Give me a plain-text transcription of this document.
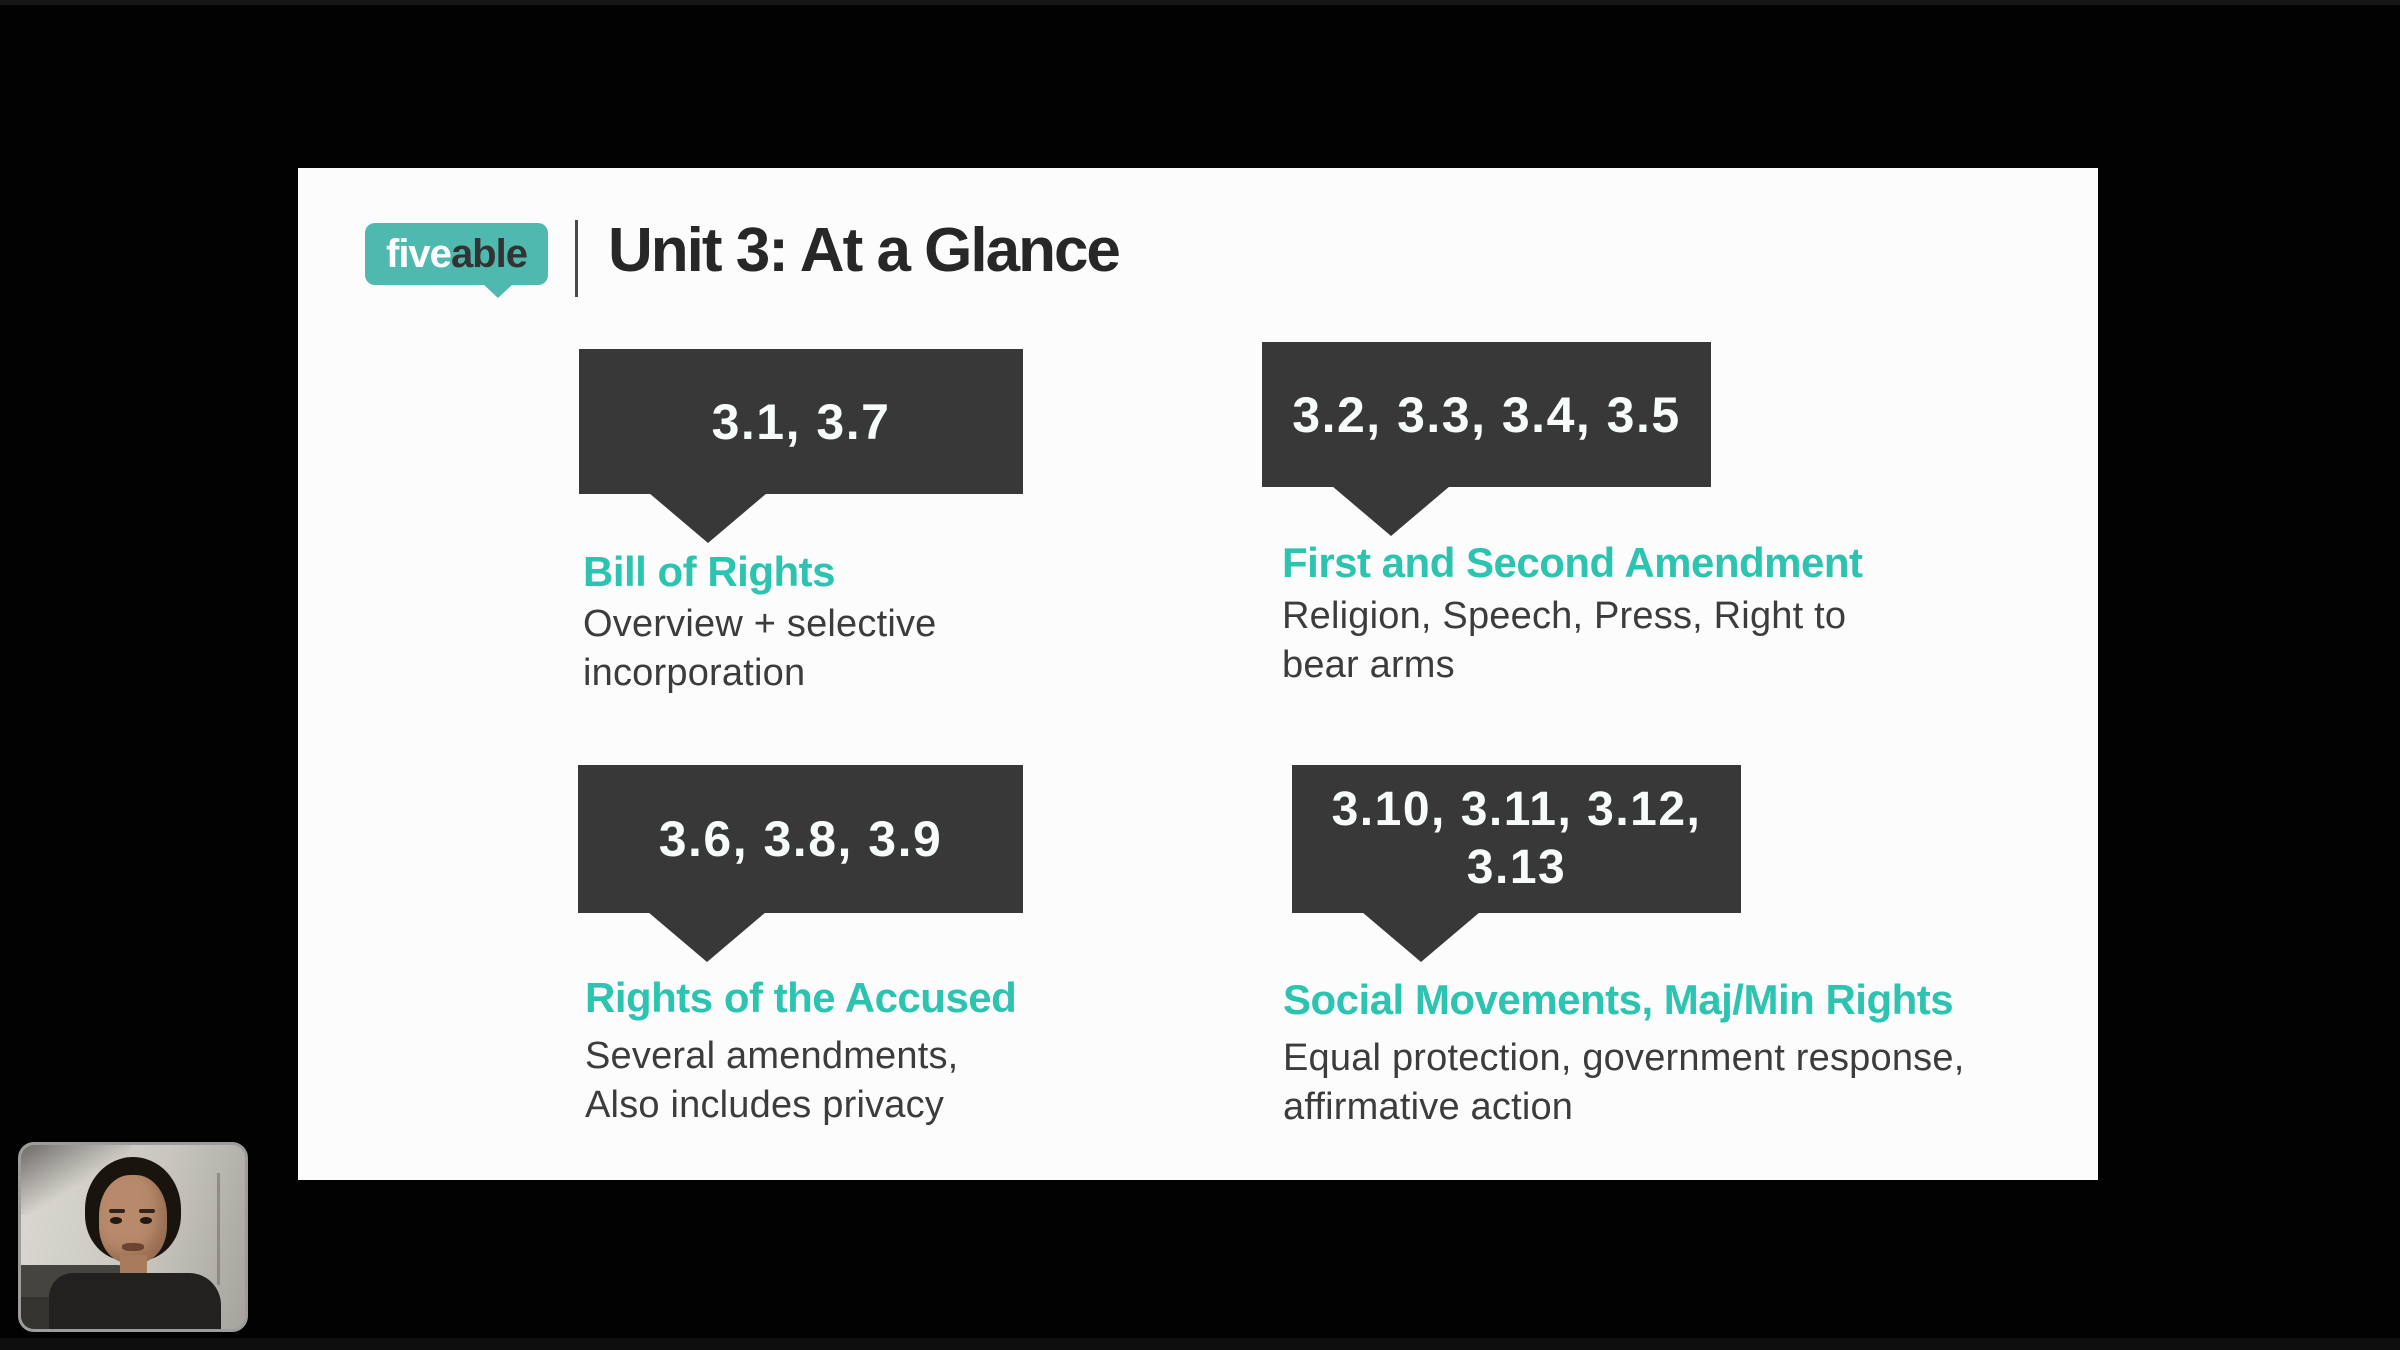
five able Unit 3: At a Glance
3.1, 3.7
Bill of Rights
Overview + selective
incorporation
3.2, 3.3, 3.4, 3.5
First and Second Amendment
Religion, Speech, Press, Right to
bear arms
3.6, 3.8, 3.9
Rights of the Accused
Several amendments,
Also includes privacy
3.10, 3.11, 3.12,
3.13
Social Movements, Maj/Min Rights
Equal protection, government response,
affirmative action
